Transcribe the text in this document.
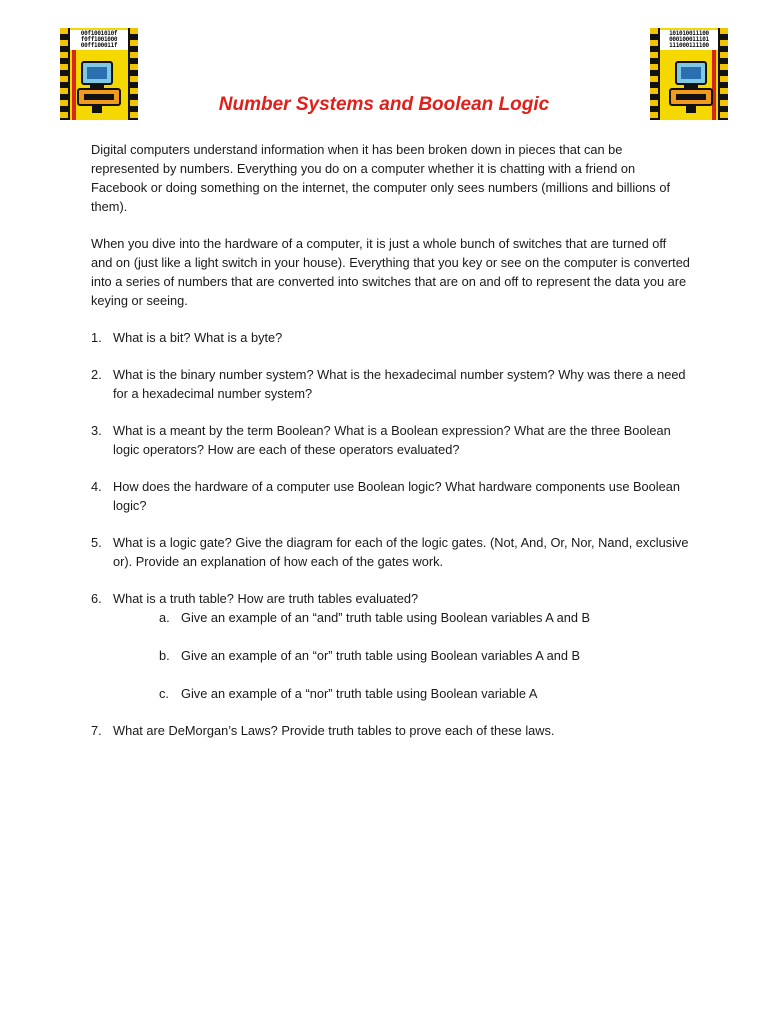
00f1001010f
f0ff1001000
00ff100011f
101010011100
000100011101
111000111100
Number Systems and Boolean Logic

Digital computers understand information when it has been broken down in pieces that can be represented by numbers. Everything you do on a computer whether it is chatting with a friend on Facebook or doing something on the internet, the computer only sees numbers (millions and billions of them).

When you dive into the hardware of a computer, it is just a whole bunch of switches that are turned off and on (just like a light switch in your house). Everything that you key or see on the computer is converted into a series of numbers that are converted into switches that are on and off to represent the data you are keying or seeing.

1. What is a bit? What is a byte?
2. What is the binary number system? What is the hexadecimal number system? Why was there a need for a hexadecimal number system?
3. What is a meant by the term Boolean? What is a Boolean expression? What are the three Boolean logic operators? How are each of these operators evaluated?
4. How does the hardware of a computer use Boolean logic? What hardware components use Boolean logic?
5. What is a logic gate? Give the diagram for each of the logic gates. (Not, And, Or, Nor, Nand, exclusive or). Provide an explanation of how each of the gates work.
6. What is a truth table? How are truth tables evaluated?
a. Give an example of an “and” truth table using Boolean variables A and B
b. Give an example of an “or” truth table using Boolean variables A and B
c. Give an example of a “nor” truth table using Boolean variable A
7. What are DeMorgan’s Laws? Provide truth tables to prove each of these laws.
